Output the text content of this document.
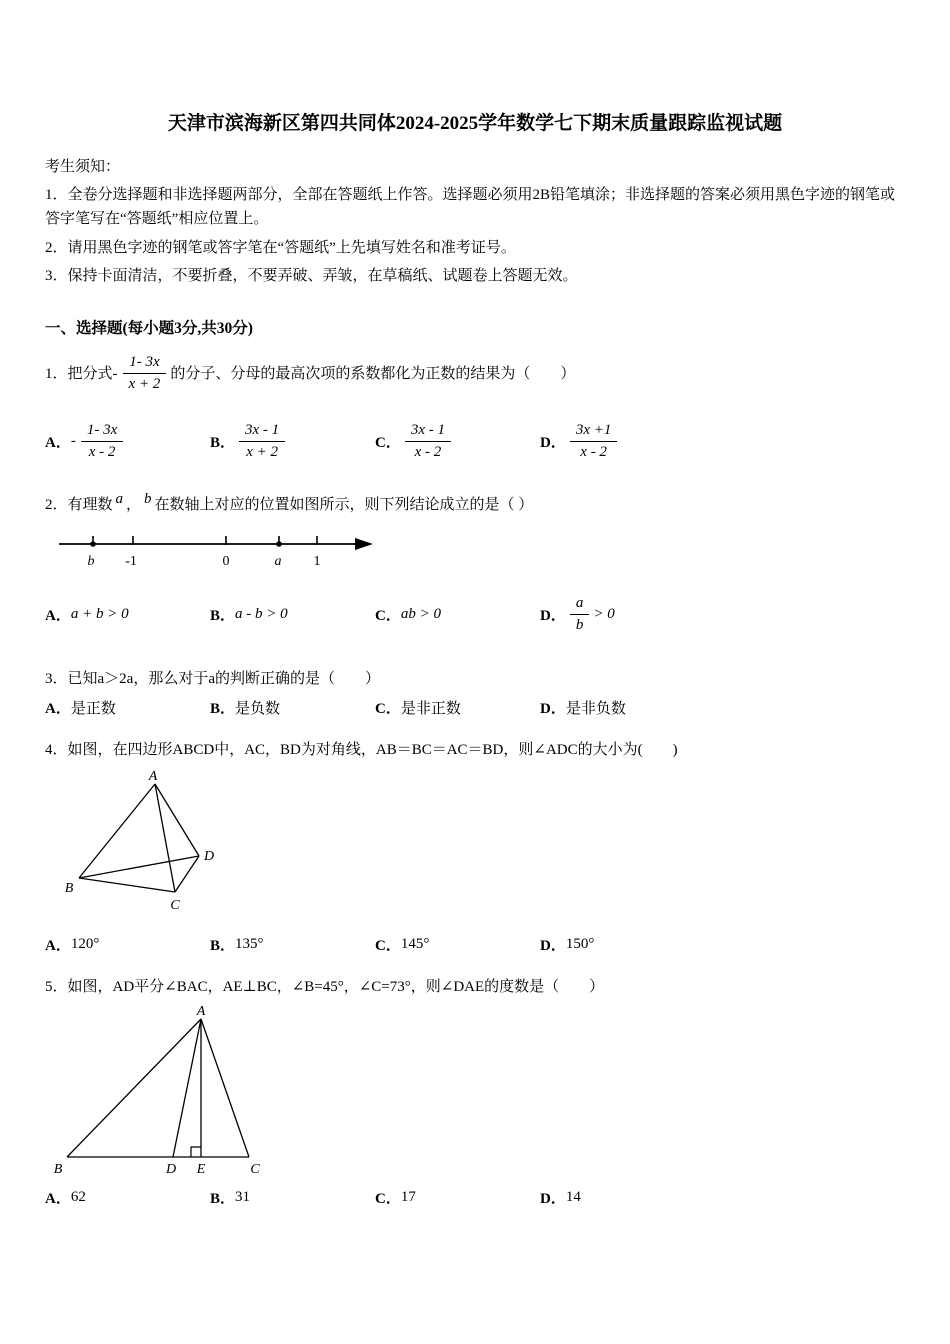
天津市滨海新区第四共同体2024-2025学年数学七下期末质量跟踪监视试题

考生须知：

1．全卷分选择题和非选择题两部分，全部在答题纸上作答。选择题必须用2B铅笔填涂；非选择题的答案必须用黑色字迹的钢笔或答字笔写在“答题纸”相应位置上。

2．请用黑色字迹的钢笔或答字笔在“答题纸”上先填写姓名和准考证号。

3．保持卡面清洁，不要折叠，不要弄破、弄皱，在草稿纸、试题卷上答题无效。

一、选择题(每小题3分,共30分)

1． 把分式 - $\frac{1- 3x}{x + 2}$ 的分子、分母的最高次项的系数都化为正数的结果为（　　）
A． - $\frac{1- 3x}{x - 2}$	B． $\frac{3x - 1}{x + 2}$	C． $\frac{3x - 1}{x - 2}$	D． $\frac{3x +1}{x - 2}$
2．有理数 a ， b 在数轴上对应的位置如图所示，则下列结论成立的是（ ）
b -1	0	a 1
A． a + b > 0	B． a - b > 0	C． ab > 0	D． $\frac{a}{b} > 0$
3．已知a＞2a，那么对于a的判断正确的是（　　）
A． 是正数	B． 是负数	C． 是非正数	D． 是非负数
4．如图，在四边形ABCD中，AC，BD为对角线，AB＝BC＝AC＝BD，则∠ADC的大小为(　　)
A
B
C
D
A． 120°	B． 135°	C． 145°	D． 150°
5．如图，AD平分∠BAC，AE⊥BC，∠B=45°，∠C=73°，则∠DAE的度数是（　　）
A
B	D E	C
A． 62	B． 31	C． 17	D． 14
